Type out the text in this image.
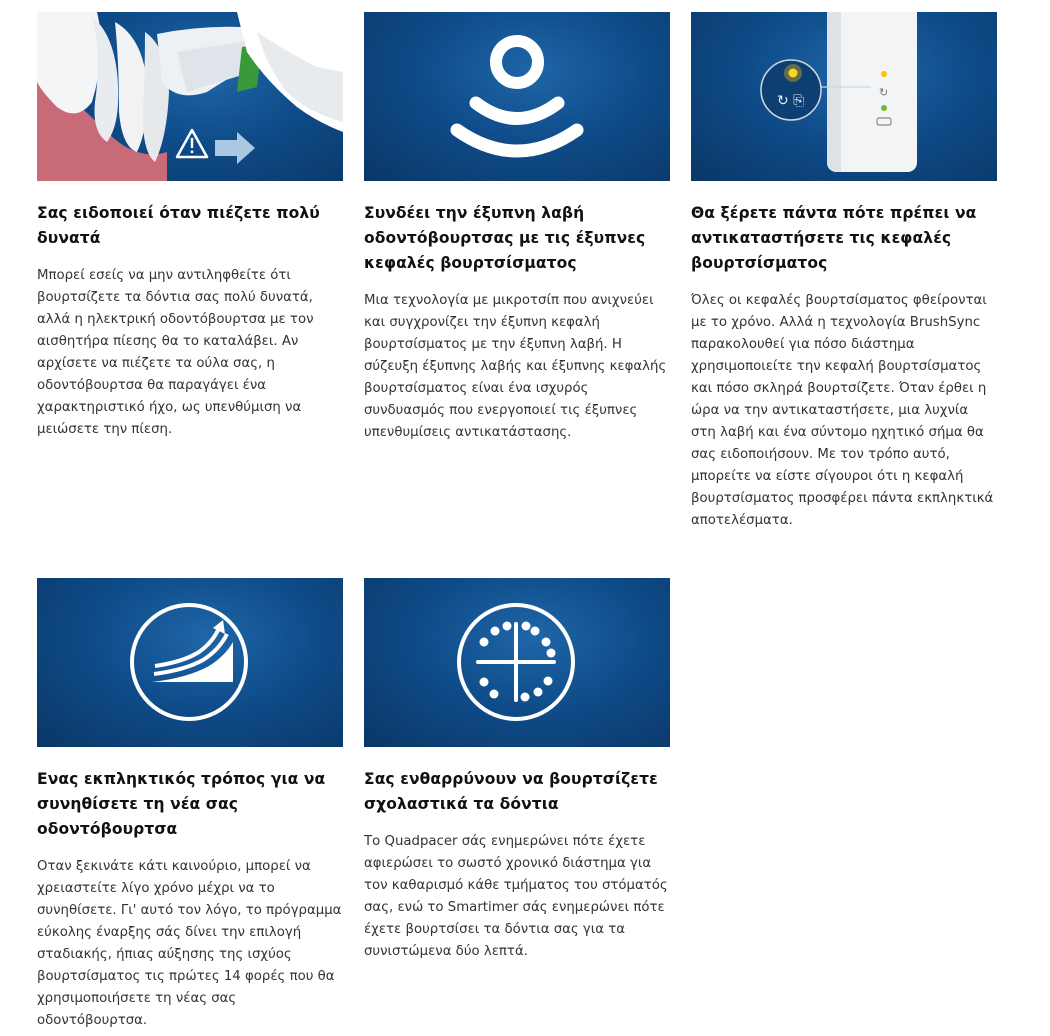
Σας ειδοποιεί όταν πιέζετε πολύ δυνατά

Μπορεί εσείς να μην αντιληφθείτε ότι βουρτσίζετε τα δόντια σας πολύ δυνατά, αλλά η ηλεκτρική οδοντόβουρτσα με τον αισθητήρα πίεσης θα το καταλάβει. Αν αρχίσετε να πιέζετε τα ούλα σας, η οδοντόβουρτσα θα παραγάγει ένα χαρακτηριστικό ήχο, ως υπενθύμιση να μειώσετε την πίεση.

Συνδέει την έξυπνη λαβή οδοντόβουρτσας με τις έξυπνες κεφαλές βουρτσίσματος

Μια τεχνολογία με μικροτσίπ που ανιχνεύει και συγχρονίζει την έξυπνη κεφαλή βουρτσίσματος με την έξυπνη λαβή. Η σύζευξη έξυπνης λαβής και έξυπνης κεφαλής βουρτσίσματος είναι ένα ισχυρός συνδυασμός που ενεργοποιεί τις έξυπνες υπενθυμίσεις αντικατάστασης.

↻
↻ ⎘
Θα ξέρετε πάντα πότε πρέπει να αντικαταστήσετε τις κεφαλές βουρτσίσματος

Όλες οι κεφαλές βουρτσίσματος φθείρονται με το χρόνο. Αλλά η τεχνολογία BrushSync παρακολουθεί για πόσο διάστημα χρησιμοποιείτε την κεφαλή βουρτσίσματος και πόσο σκληρά βουρτσίζετε. Όταν έρθει η ώρα να την αντικαταστήσετε, μια λυχνία στη λαβή και ένα σύντομο ηχητικό σήμα θα σας ειδοποιήσουν. Με τον τρόπο αυτό, μπορείτε να είστε σίγουροι ότι η κεφαλή βουρτσίσματος προσφέρει πάντα εκπληκτικά αποτελέσματα.

Ενας εκπληκτικός τρόπος για να συνηθίσετε τη νέα σας οδοντόβουρτσα

Οταν ξεκινάτε κάτι καινούριο, μπορεί να χρειαστείτε λίγο χρόνο μέχρι να το συνηθίσετε. Γι' αυτό τον λόγο, το πρόγραμμα εύκολης έναρξης σάς δίνει την επιλογή σταδιακής, ήπιας αύξησης της ισχύος βουρτσίσματος τις πρώτες 14 φορές που θα χρησιμοποιήσετε τη νέας σας οδοντόβουρτσα.

Σας ενθαρρύνουν να βουρτσίζετε σχολαστικά τα δόντια

Το Quadpacer σάς ενημερώνει πότε έχετε αφιερώσει το σωστό χρονικό διάστημα για τον καθαρισμό κάθε τμήματος του στόματός σας, ενώ το Smartimer σάς ενημερώνει πότε έχετε βουρτσίσει τα δόντια σας για τα συνιστώμενα δύο λεπτά.
